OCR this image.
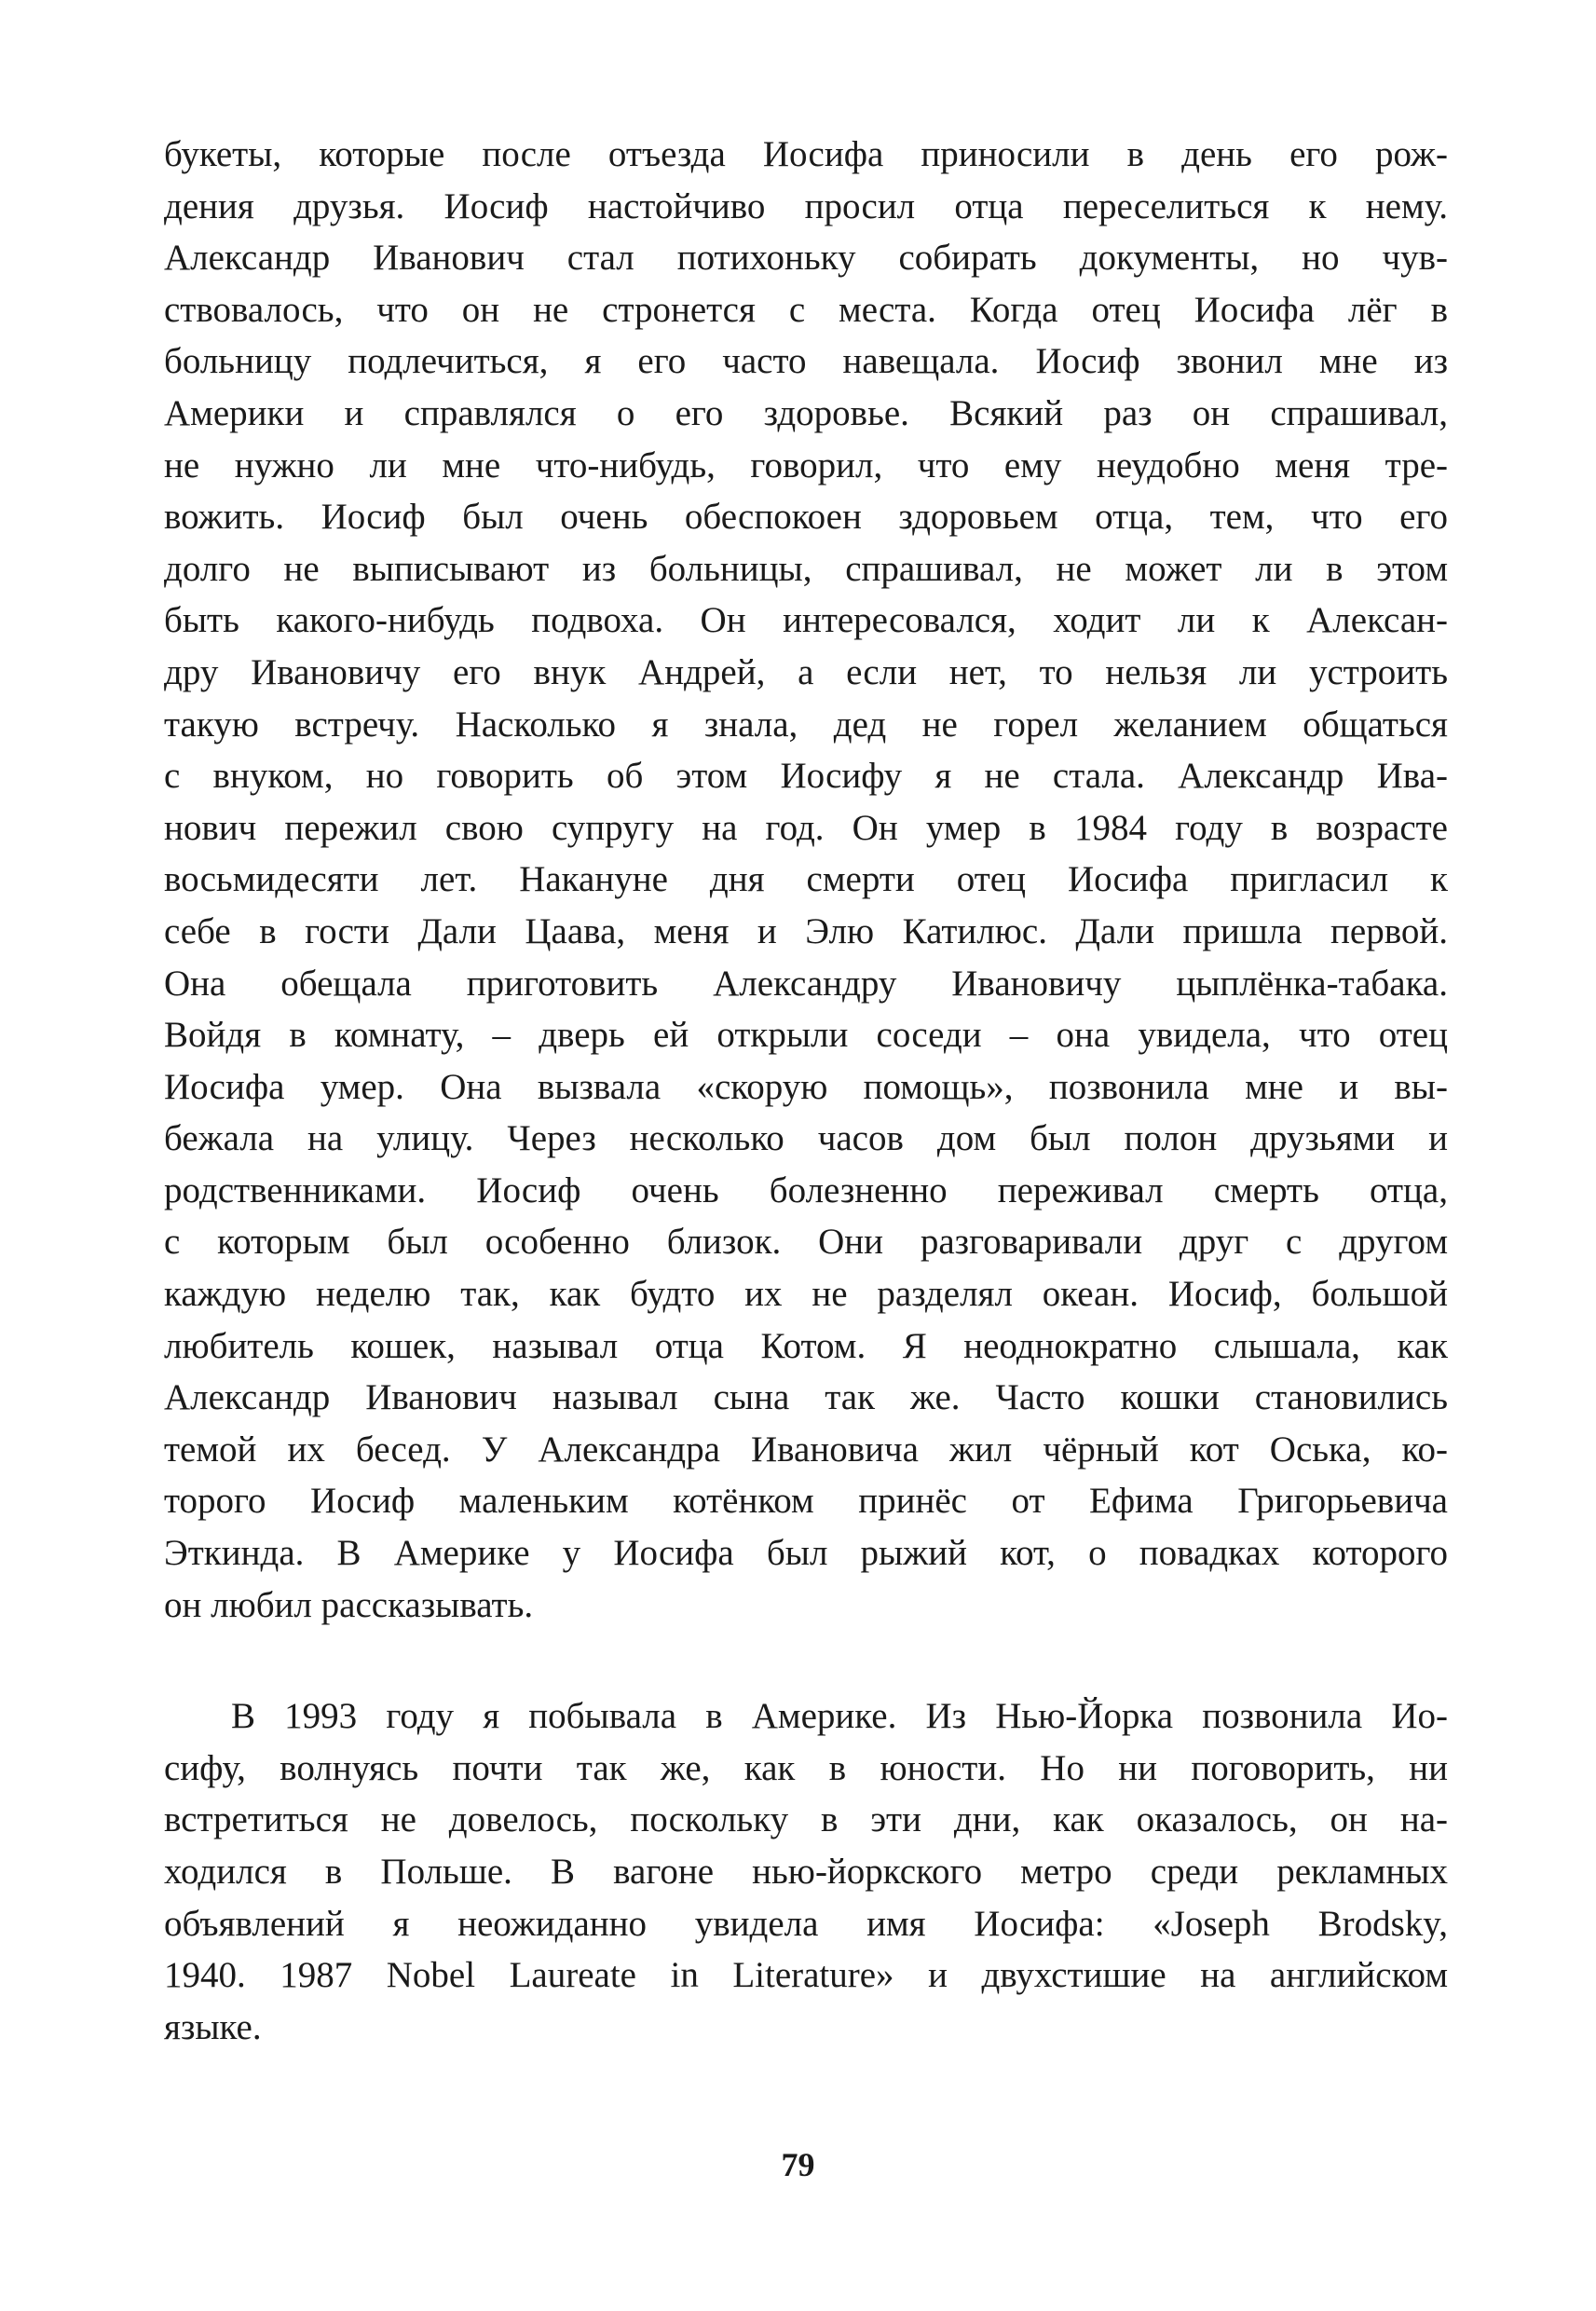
букеты, которые после отъезда Иосифа приносили в день его рож-
дения друзья. Иосиф настойчиво просил отца переселиться к нему.
Александр Иванович стал потихоньку собирать документы, но чув-
ствовалось, что он не стронется с места. Когда отец Иосифа лёг в
больницу подлечиться, я его часто навещала. Иосиф звонил мне из
Америки и справлялся о его здоровье. Всякий раз он спрашивал,
не нужно ли мне что-нибудь, говорил, что ему неудобно меня тре-
вожить. Иосиф был очень обеспокоен здоровьем отца, тем, что его
долго не выписывают из больницы, спрашивал, не может ли в этом
быть какого-нибудь подвоха. Он интересовался, ходит ли к Алексан-
дру Ивановичу его внук Андрей, а если нет, то нельзя ли устроить
такую встречу. Насколько я знала, дед не горел желанием общаться
с внуком, но говорить об этом Иосифу я не стала. Александр Ива-
нович пережил свою супругу на год. Он умер в 1984 году в возрасте
восьмидесяти лет. Накануне дня смерти отец Иосифа пригласил к
себе в гости Дали Цаава, меня и Элю Катилюс. Дали пришла первой.
Она обещала приготовить Александру Ивановичу цыплёнка-табака.
Войдя в комнату, – дверь ей открыли соседи – она увидела, что отец
Иосифа умер. Она вызвала «скорую помощь», позвонила мне и вы-
бежала на улицу. Через несколько часов дом был полон друзьями и
родственниками. Иосиф очень болезненно переживал смерть отца,
с которым был особенно близок. Они разговаривали друг с другом
каждую неделю так, как будто их не разделял океан. Иосиф, большой
любитель кошек, называл отца Котом. Я неоднократно слышала, как
Александр Иванович называл сына так же. Часто кошки становились
темой их бесед. У Александра Ивановича жил чёрный кот Оська, ко-
торого Иосиф маленьким котёнком принёс от Ефима Григорьевича
Эткинда. В Америке у Иосифа был рыжий кот, о повадках которого
он любил рассказывать.

В 1993 году я побывала в Америке. Из Нью-Йорка позвонила Ио-
сифу, волнуясь почти так же, как в юности. Но ни поговорить, ни
встретиться не довелось, поскольку в эти дни, как оказалось, он на-
ходился в Польше. В вагоне нью-йоркского метро среди рекламных
объявлений я неожиданно увидела имя Иосифа: «Joseph Brodsky,
1940. 1987 Nobel Laureate in Literature» и двухстишие на английском
языке.

79
